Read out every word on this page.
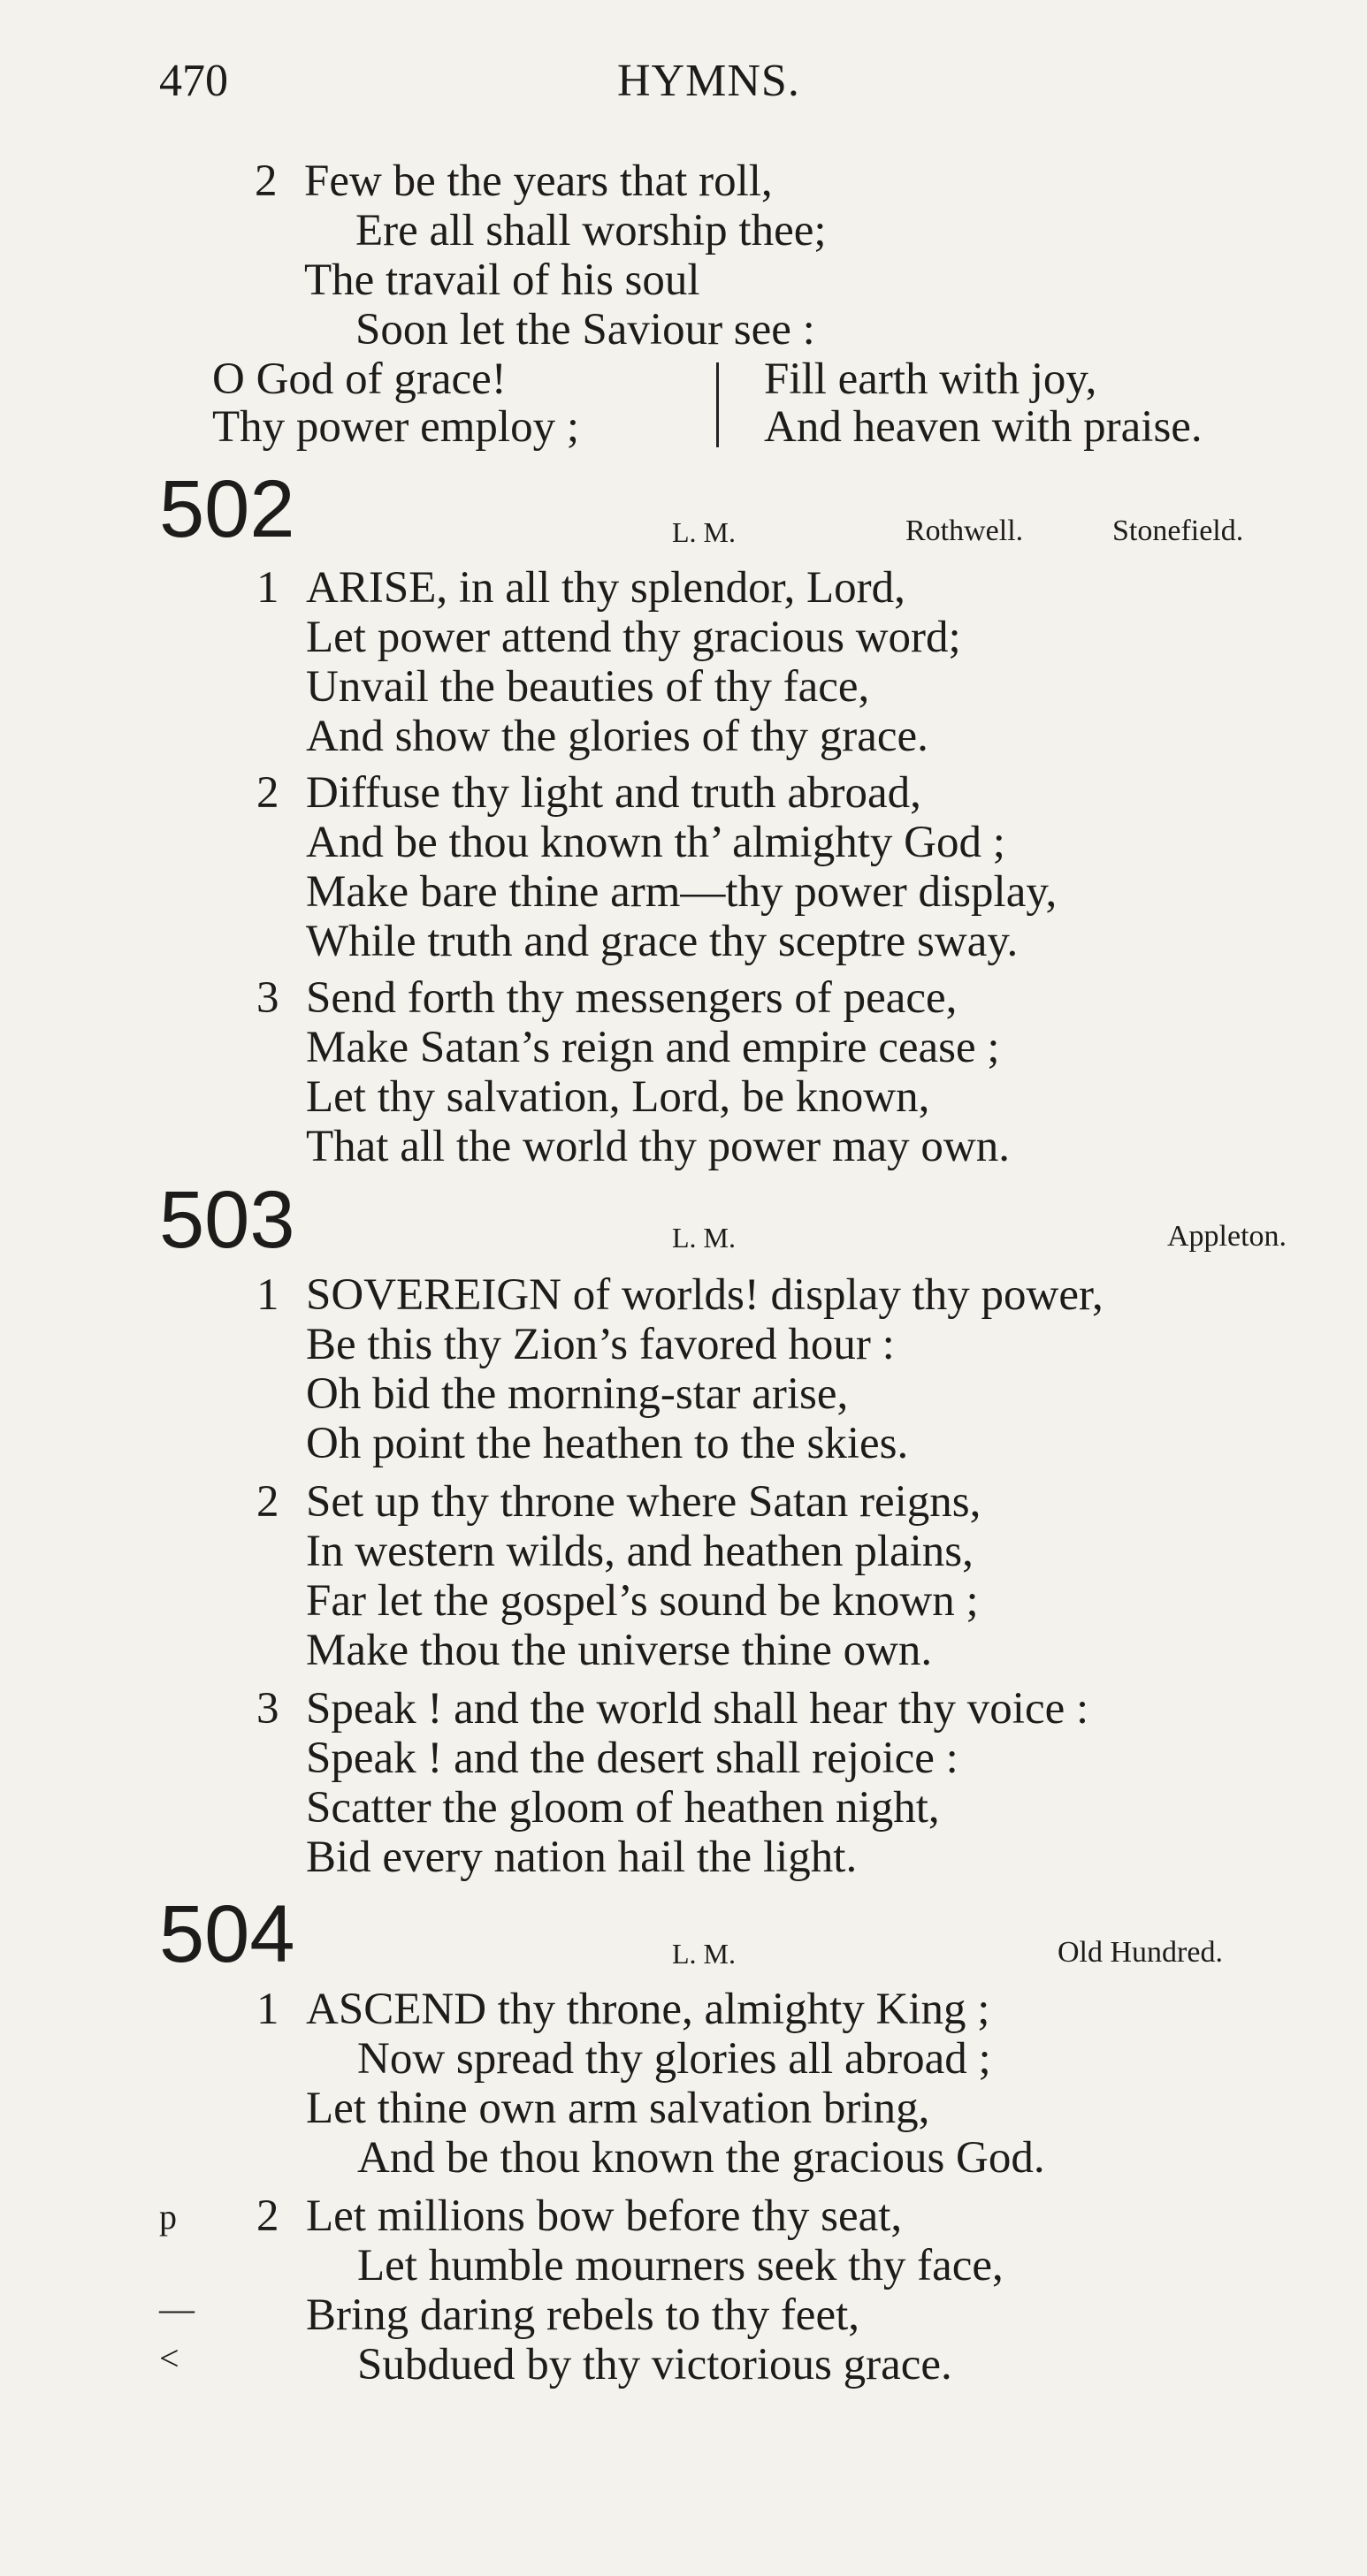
470	HYMNS.
2 Few be the years that roll,
Ere all shall worship thee;
The travail of his soul
Soon let the Saviour see :
O God of grace!
Thy power employ ;
Fill earth with joy,
And heaven with praise.
502	L. M.	Rothwell.	Stonefield.
1 ARISE, in all thy splendor, Lord,
Let power attend thy gracious word;
Unvail the beauties of thy face,
And show the glories of thy grace.
2 Diffuse thy light and truth abroad,
And be thou known th’ almighty God ;
Make bare thine arm—thy power display,
While truth and grace thy sceptre sway.
3 Send forth thy messengers of peace,
Make Satan’s reign and empire cease ;
Let thy salvation, Lord, be known,
That all the world thy power may own.
503	L. M.	Appleton.
1 SOVEREIGN of worlds! display thy power,
Be this thy Zion’s favored hour :
Oh bid the morning-star arise,
Oh point the heathen to the skies.
2 Set up thy throne where Satan reigns,
In western wilds, and heathen plains,
Far let the gospel’s sound be known ;
Make thou the universe thine own.
3 Speak ! and the world shall hear thy voice :
Speak ! and the desert shall rejoice :
Scatter the gloom of heathen night,
Bid every nation hail the light.
504	L. M.	Old Hundred.
1 ASCEND thy throne, almighty King ;
Now spread thy glories all abroad ;
Let thine own arm salvation bring,
And be thou known the gracious God.
p 2 Let millions bow before thy seat,
Let humble mourners seek thy face,
— Bring daring rebels to thy feet,
<	Subdued by thy victorious grace.
